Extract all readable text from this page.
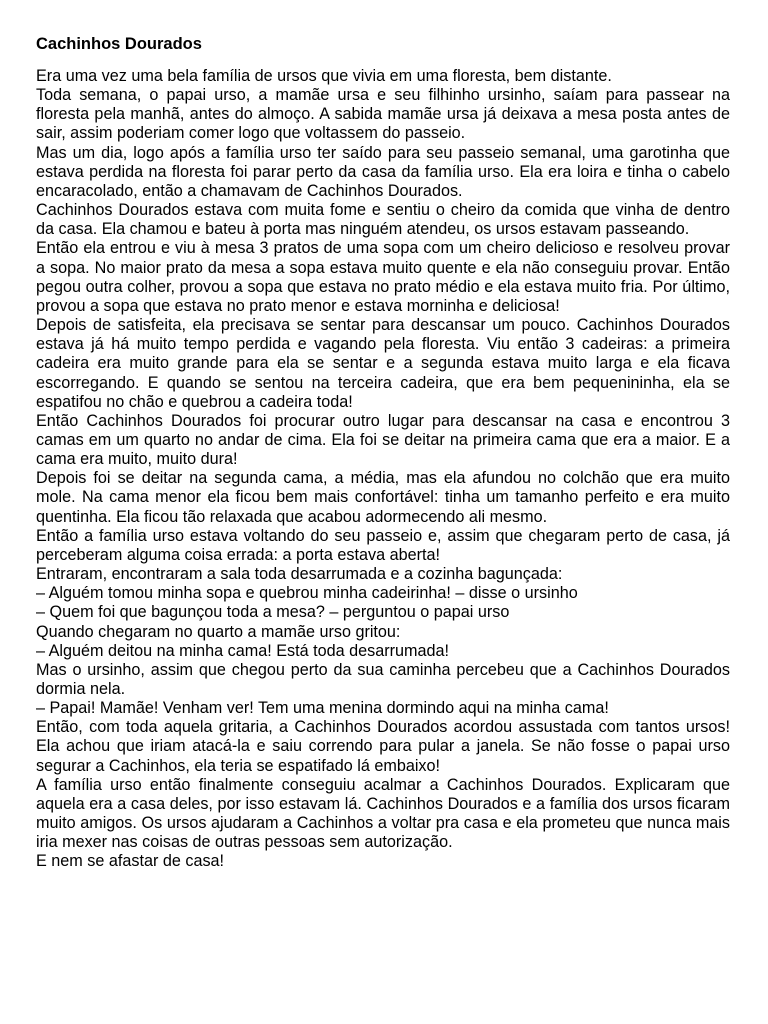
Cachinhos Dourados

Era uma vez uma bela família de ursos que vivia em uma floresta, bem distante.

Toda semana, o papai urso, a mamãe ursa e seu filhinho ursinho, saíam para passear na floresta pela manhã, antes do almoço. A sabida mamãe ursa já deixava a mesa posta antes de sair, assim poderiam comer logo que voltassem do passeio.

Mas um dia, logo após a família urso ter saído para seu passeio semanal, uma garotinha que estava perdida na floresta foi parar perto da casa da família urso. Ela era loira e tinha o cabelo encaracolado, então a chamavam de Cachinhos Dourados.

Cachinhos Dourados estava com muita fome e sentiu o cheiro da comida que vinha de dentro da casa. Ela chamou e bateu à porta mas ninguém atendeu, os ursos estavam passeando.

Então ela entrou e viu à mesa 3 pratos de uma sopa com um cheiro delicioso e resolveu provar a sopa. No maior prato da mesa a sopa estava muito quente e ela não conseguiu provar. Então pegou outra colher, provou a sopa que estava no prato médio e ela estava muito fria. Por último, provou a sopa que estava no prato menor e estava morninha e deliciosa!

Depois de satisfeita, ela precisava se sentar para descansar um pouco. Cachinhos Dourados estava já há muito tempo perdida e vagando pela floresta. Viu então 3 cadeiras: a primeira cadeira era muito grande para ela se sentar e a segunda estava muito larga e ela ficava escorregando. E quando se sentou na terceira cadeira, que era bem pequenininha, ela se espatifou no chão e quebrou a cadeira toda!

Então Cachinhos Dourados foi procurar outro lugar para descansar na casa e encontrou 3 camas em um quarto no andar de cima. Ela foi se deitar na primeira cama que era a maior. E a cama era muito, muito dura!

Depois foi se deitar na segunda cama, a média, mas ela afundou no colchão que era muito mole. Na cama menor ela ficou bem mais confortável: tinha um tamanho perfeito e era muito quentinha. Ela ficou tão relaxada que acabou adormecendo ali mesmo.

Então a família urso estava voltando do seu passeio e, assim que chegaram perto de casa, já perceberam alguma coisa errada: a porta estava aberta!

Entraram, encontraram a sala toda desarrumada e a cozinha bagunçada:

– Alguém tomou minha sopa e quebrou minha cadeirinha! – disse o ursinho

– Quem foi que bagunçou toda a mesa? – perguntou o papai urso

Quando chegaram no quarto a mamãe urso gritou:

– Alguém deitou na minha cama! Está toda desarrumada!

Mas o ursinho, assim que chegou perto da sua caminha percebeu que a Cachinhos Dourados dormia nela.

– Papai! Mamãe! Venham ver! Tem uma menina dormindo aqui na minha cama!

Então, com toda aquela gritaria, a Cachinhos Dourados acordou assustada com tantos ursos! Ela achou que iriam atacá-la e saiu correndo para pular a janela. Se não fosse o papai urso segurar a Cachinhos, ela teria se espatifado lá embaixo!

A família urso então finalmente conseguiu acalmar a Cachinhos Dourados. Explicaram que aquela era a casa deles, por isso estavam lá. Cachinhos Dourados e a família dos ursos ficaram muito amigos. Os ursos ajudaram a Cachinhos a voltar pra casa e ela prometeu que nunca mais iria mexer nas coisas de outras pessoas sem autorização.

E nem se afastar de casa!
